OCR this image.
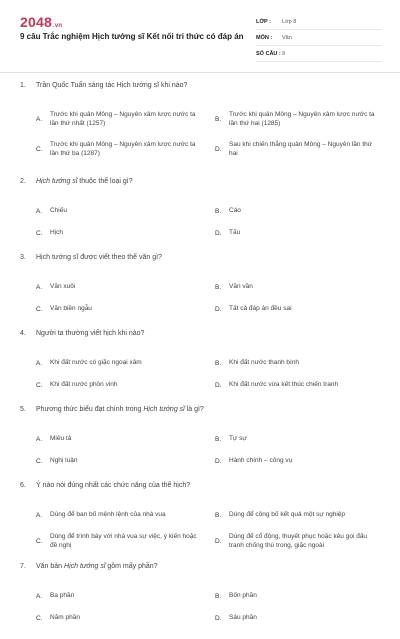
2048.vn
9 câu Trắc nghiệm Hịch tướng sĩ Kết nối tri thức có đáp án
LỚP :	Lớp 8
MÔN :	Văn
SỐ CÂU : 9
1.	Trần Quốc Tuấn sáng tác Hịch tướng sĩ khi nào?
A.
Trước khi quân Mông – Nguyên xâm lược nước ta lần thứ nhất (1257)
B.
Trước khi quân Mông – Nguyên xâm lược nước ta lần thứ hai (1285)
C.
Trước khi quân Mông – Nguyên xâm lược nước ta lần thứ ba (1287)
D.
Sau khi chiến thắng quân Mông – Nguyên lần thứ hai
2.	Hịch tướng sĩ thuộc thể loại gì?
A.	Chiếu	B.	Cáo
C.	Hịch	D.	Tấu
3.	Hịch tướng sĩ được viết theo thể văn gì?
A.	Văn xuôi	B.	Văn vần
C.	Văn biền ngẫu	D.	Tất cả đáp án đều sai
4.	Người ta thường viết hịch khi nào?
A.	Khi đất nước có giặc ngoại xâm	B.	Khi đất nước thanh bình
C.	Khi đất nước phồn vinh	D.	Khi đất nước vừa kết thúc chiến tranh
5.	Phương thức biểu đạt chính trong Hịch tướng sĩ là gì?
A.	Miêu tả	B.	Tự sự
C.	Nghị luận	D.	Hành chính – công vụ
6.	Ý nào nói đúng nhất các chức năng của thể hịch?
A.	Dùng để ban bố mệnh lệnh của nhà vua	B.	Dùng để công bố kết quả một sự nghiệp
C.
Dùng để trình bày với nhà vua sự việc, ý kiến hoặc đề nghị
D.
Dùng để cổ động, thuyết phục hoặc kêu gọi đấu tranh chống thù trong, giặc ngoài
7.	Văn bản Hịch tướng sĩ gồm mấy phần?
A.	Ba phần	B.	Bốn phần
C.	Năm phần	D.	Sáu phần
